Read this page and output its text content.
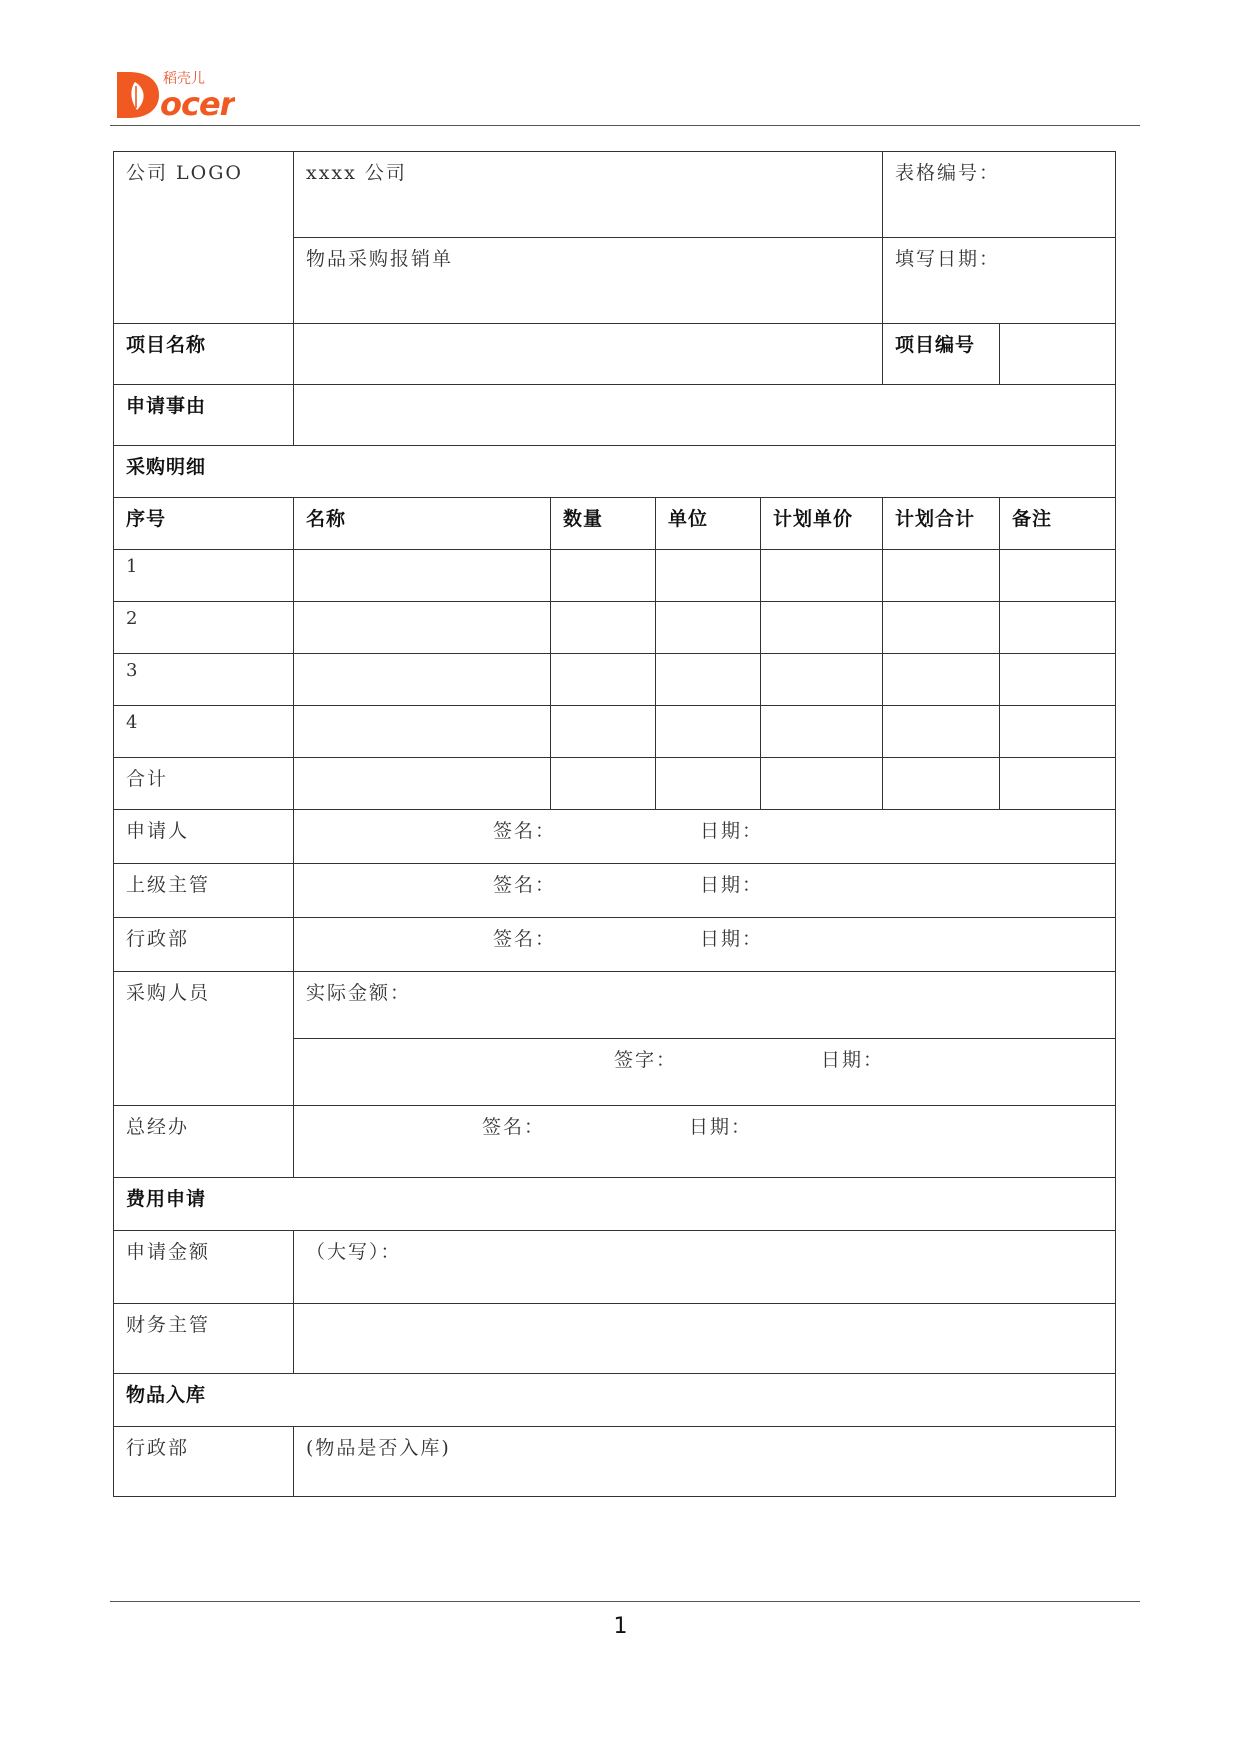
稻壳儿
ocer
公司 LOGO	xxxx 公司				表格编号：	
	物品采购报销单				填写日期：	
项目名称					项目编号	
申请事由						
采购明细						
序号	名称	数量	单位	计划单价	计划合计	备注
1						
2						
3						
4						
合计						
申请人	签名： 日期：					

上级主管	签名： 日期：					

行政部	签名： 日期：					

采购人员	实际金额：					

	签字： 日期：					

总经办	签名： 日期：					

费用申请						
申请金额	（大写）：					
财务主管						
物品入库						
行政部	(物品是否入库)					
1
